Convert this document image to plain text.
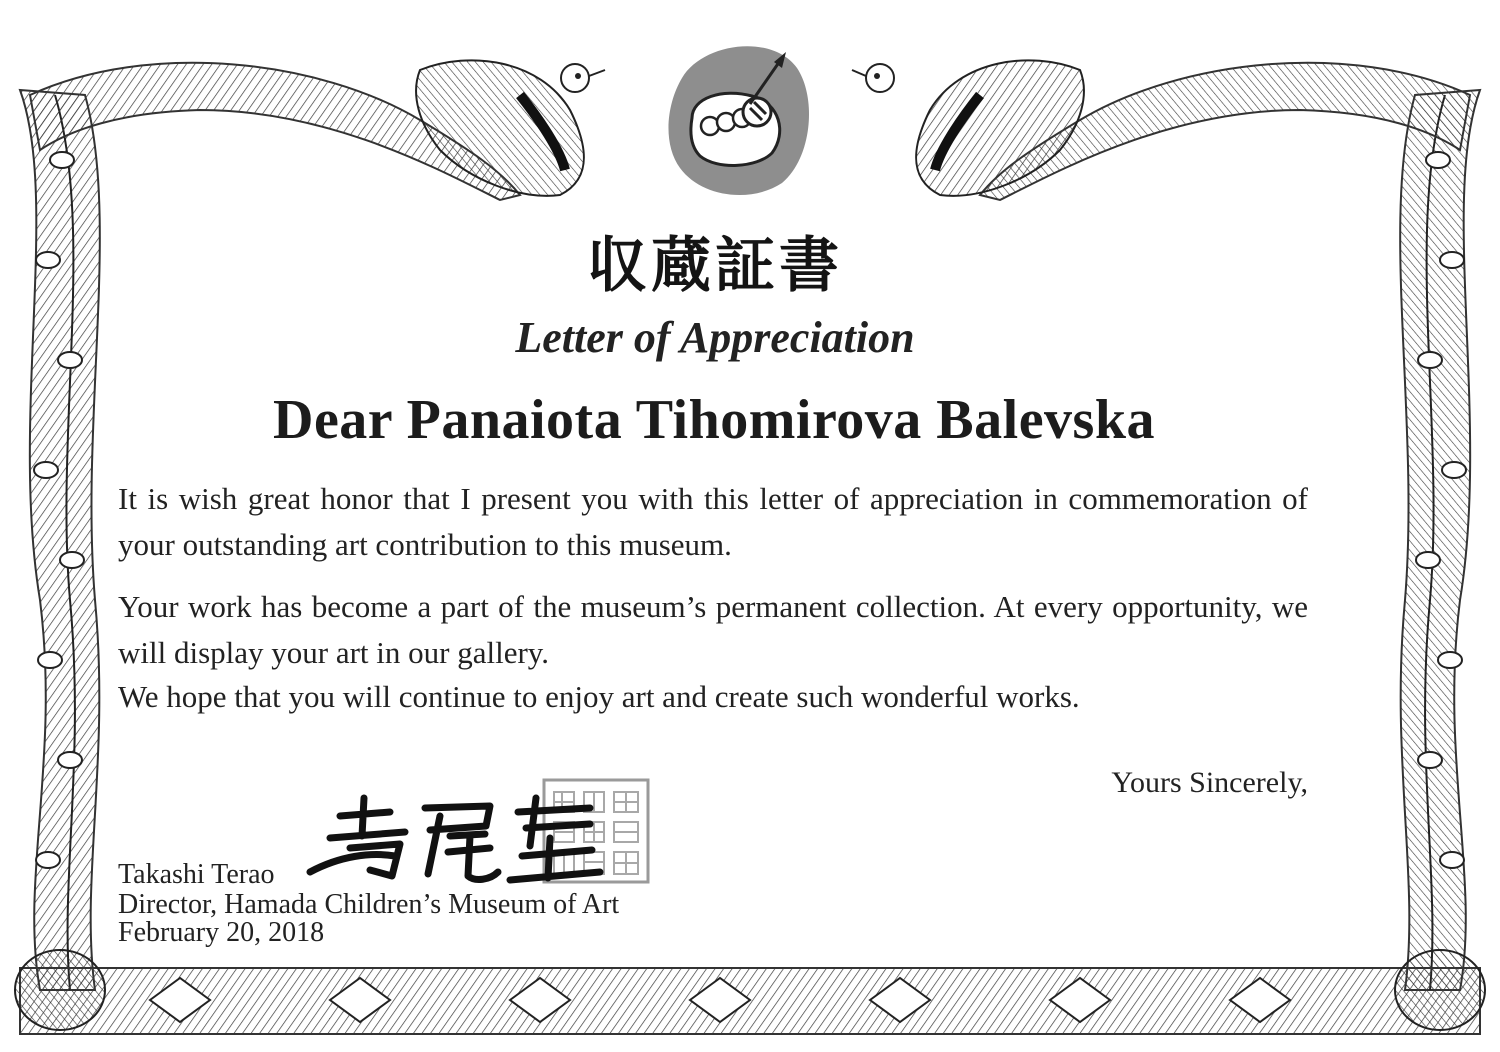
収蔵証書
Letter of Appreciation
Dear Panaiota Tihomirova Balevska
It is wish great honor that I present you with this letter of appreciation in commemoration of your outstanding art contribution to this museum.
Your work has become a part of the museum’s permanent collection. At every opportunity, we will display your art in our gallery.
We hope that you will continue to enjoy art and create such wonderful works.
Yours Sincerely,
Takashi Terao
Director, Hamada Children’s Museum of Art
February 20, 2018
